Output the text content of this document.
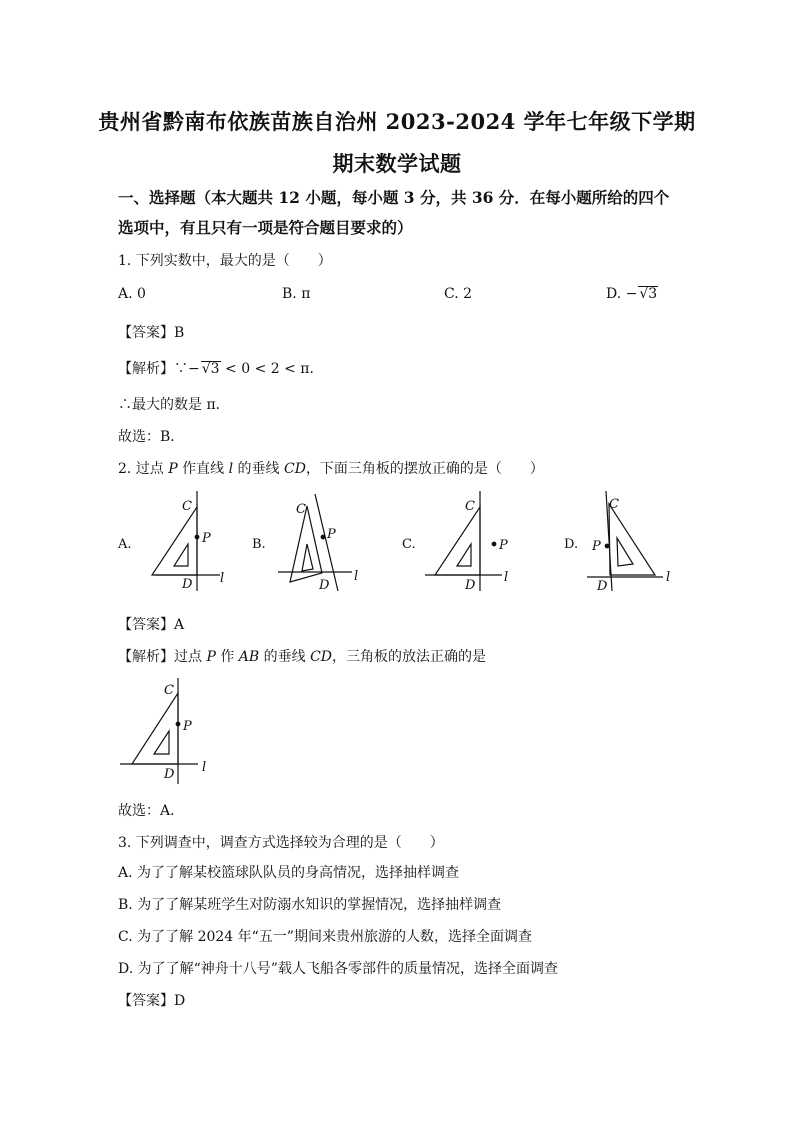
贵州省黔南布依族苗族自治州 2023-2024 学年七年级下学期
期末数学试题
一、选择题（本大题共 12 小题，每小题 3 分，共 36 分．在每小题所给的四个
选项中，有且只有一项是符合题目要求的）
1. 下列实数中，最大的是（　　）
A. 0	B. π	C. 2	D. − √3
【答案】B
【解析】∵− √3 < 0 < 2 < π．
∴最大的数是 π．
故选：B．
2. 过点 P 作直线 l 的垂线 CD，下面三角板的摆放正确的是（　　）
A.	B.	C.	D.
C
P
D l
C
P
D
l
C
P
D
l
C
P
D
l
【答案】A
【解析】过点 P 作 AB 的垂线 CD，三角板的放法正确的是
C
P
D l
故选：A．
3. 下列调查中，调查方式选择较为合理的是（　　）
A. 为了了解某校篮球队队员的身高情况，选择抽样调查
B. 为了了解某班学生对防溺水知识的掌握情况，选择抽样调查
C. 为了了解 2024 年“五一”期间来贵州旅游的人数，选择全面调查
D. 为了了解“神舟十八号”载人飞船各零部件的质量情况，选择全面调查
【答案】D
